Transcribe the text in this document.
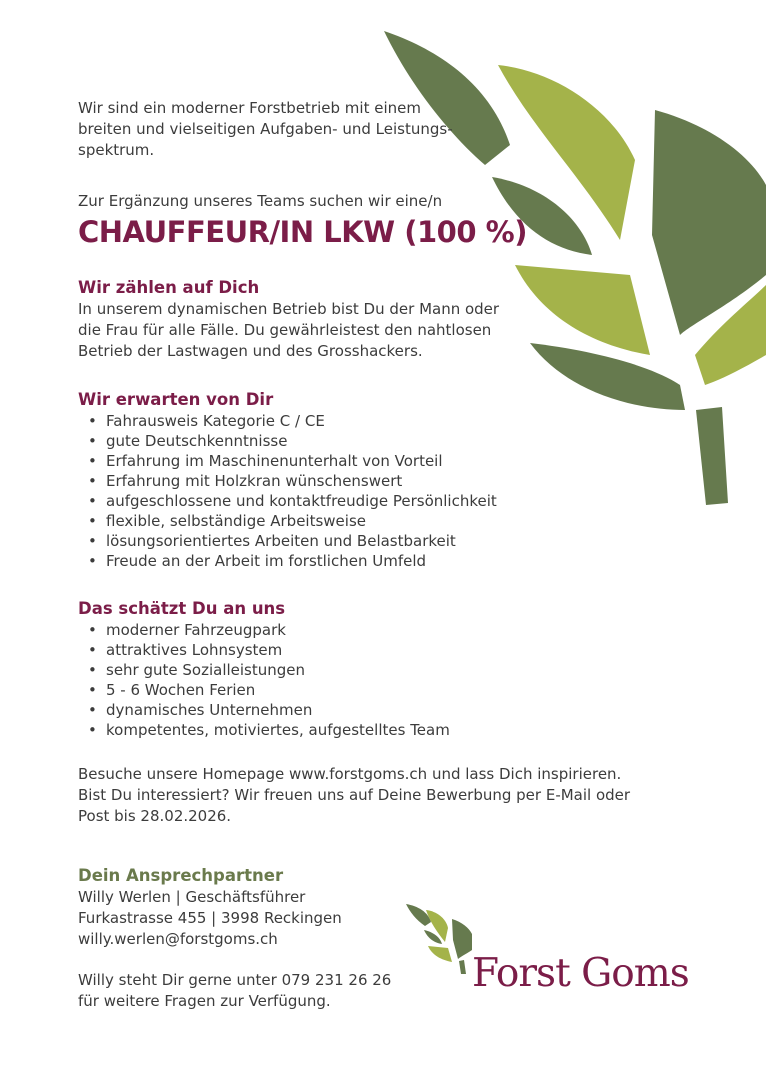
Wir sind ein moderner Forstbetrieb mit einem
breiten und vielseitigen Aufgaben- und Leistungs-
spektrum.
Zur Ergänzung unseres Teams suchen wir eine/n
CHAUFFEUR/IN LKW (100 %)
Wir zählen auf Dich
In unserem dynamischen Betrieb bist Du der Mann oder
die Frau für alle Fälle. Du gewährleistest den nahtlosen
Betrieb der Lastwagen und des Grosshackers.
Wir erwarten von Dir
• Fahrausweis Kategorie C / CE
• gute Deutschkenntnisse
• Erfahrung im Maschinenunterhalt von Vorteil
• Erfahrung mit Holzkran wünschenswert
• aufgeschlossene und kontaktfreudige Persönlichkeit
• flexible, selbständige Arbeitsweise
• lösungsorientiertes Arbeiten und Belastbarkeit
• Freude an der Arbeit im forstlichen Umfeld
Das schätzt Du an uns
• moderner Fahrzeugpark
• attraktives Lohnsystem
• sehr gute Sozialleistungen
• 5 - 6 Wochen Ferien
• dynamisches Unternehmen
• kompetentes, motiviertes, aufgestelltes Team
Besuche unsere Homepage www.forstgoms.ch und lass Dich inspirieren.
Bist Du interessiert? Wir freuen uns auf Deine Bewerbung per E-Mail oder
Post bis 28.02.2026.
Dein Ansprechpartner
Willy Werlen | Geschäftsführer
Furkastrasse 455 | 3998 Reckingen
willy.werlen@forstgoms.ch
Willy steht Dir gerne unter 079 231 26 26
für weitere Fragen zur Verfügung.
Forst Goms
